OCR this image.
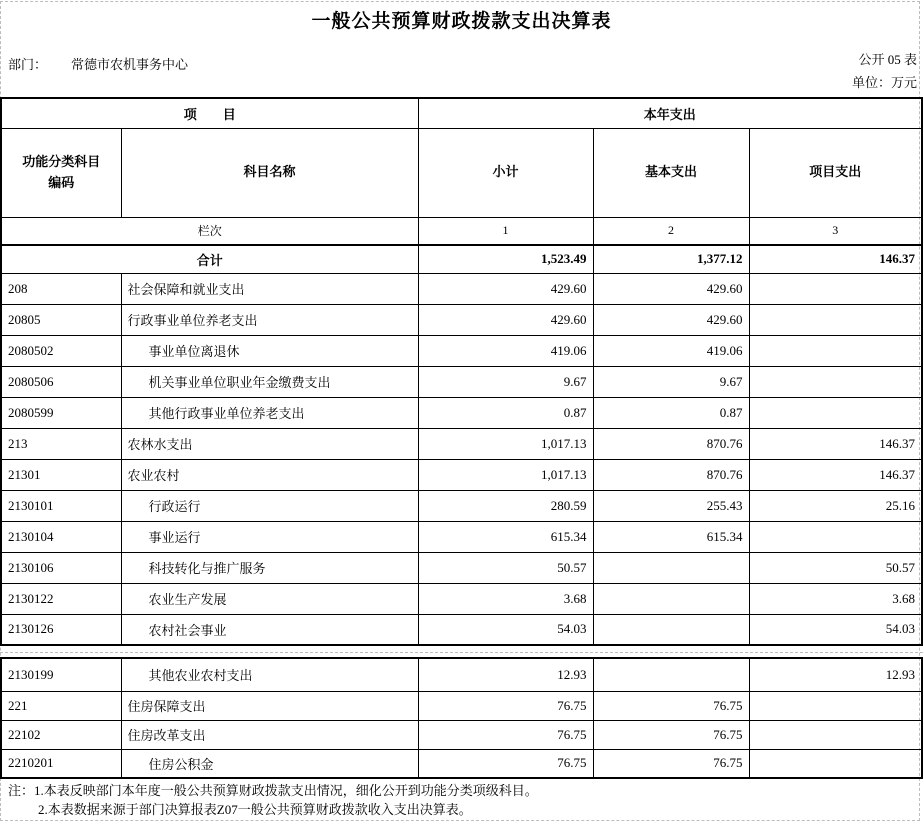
一般公共预算财政拨款支出决算表
部门： 常德市农机事务中心	公开 05 表
单位：万元
项　　目		本年支出		
功能分类科目
编码	科目名称	小计	基本支出	项目支出
栏次		1	2	3
合计		1,523.49	1,377.12	146.37
208	社会保障和就业支出	429.60	429.60	
20805	行政事业单位养老支出	429.60	429.60	
2080502	事业单位离退休	419.06	419.06	
2080506	机关事业单位职业年金缴费支出	9.67	9.67	
2080599	其他行政事业单位养老支出	0.87	0.87	
213	农林水支出	1,017.13	870.76	146.37
21301	农业农村	1,017.13	870.76	146.37
2130101	行政运行	280.59	255.43	25.16
2130104	事业运行	615.34	615.34	
2130106	科技转化与推广服务	50.57		50.57
2130122	农业生产发展	3.68		3.68
2130126	农村社会事业	54.03		54.03
2130199	其他农业农村支出	12.93		12.93
221	住房保障支出	76.75	76.75	
22102	住房改革支出	76.75	76.75	
2210201	住房公积金	76.75	76.75	
注：1.本表反映部门本年度一般公共预算财政拨款支出情况，细化公开到功能分类项级科目。
2.本表数据来源于部门决算报表Z07一般公共预算财政拨款收入支出决算表。
